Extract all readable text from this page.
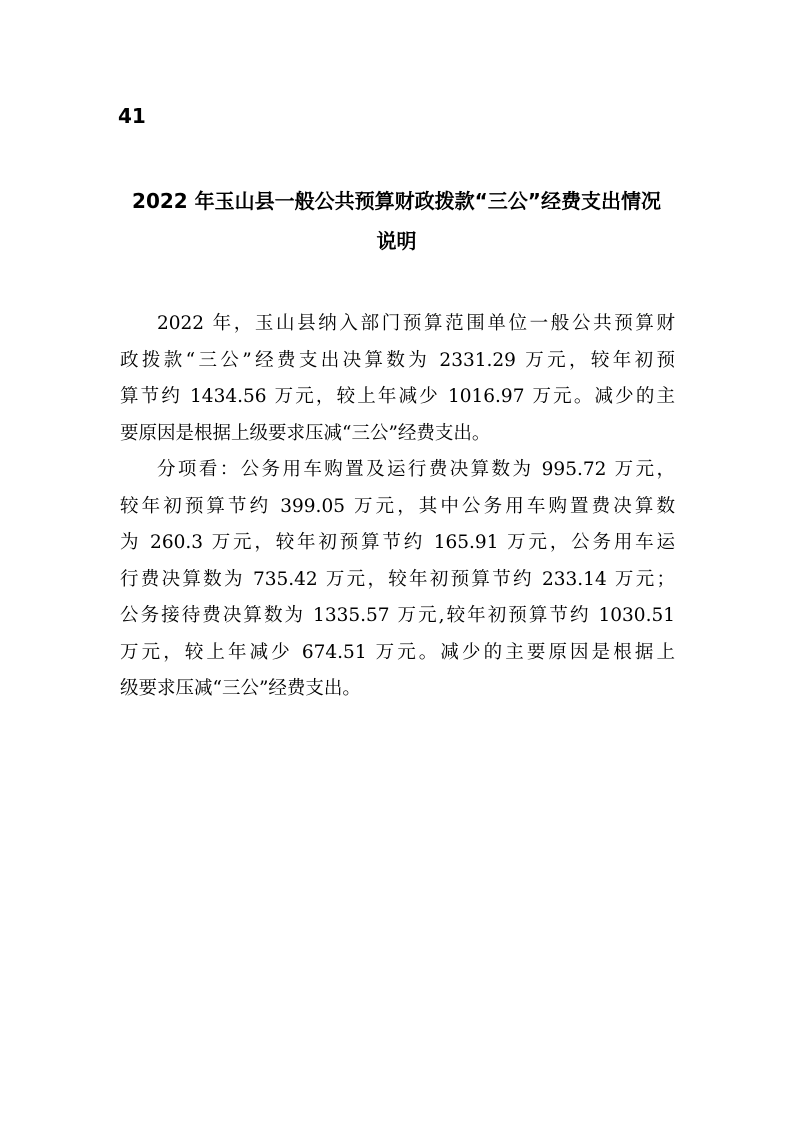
41
2022 年玉山县一般公共预算财政拨款“三公”经费支出情况
说明
2022 年，玉山县纳入部门预算范围单位一般公共预算财
政拨款“三公”经费支出决算数为 2331.29 万元，较年初预
算节约 1434.56 万元，较上年减少 1016.97 万元。减少的主
要原因是根据上级要求压减“三公”经费支出。
分项看：公务用车购置及运行费决算数为 995.72 万元，
较年初预算节约 399.05 万元，其中公务用车购置费决算数
为 260.3 万元，较年初预算节约 165.91 万元，公务用车运
行费决算数为 735.42 万元，较年初预算节约 233.14 万元；
公务接待费决算数为 1335.57 万元,较年初预算节约 1030.51
万元，较上年减少 674.51 万元。减少的主要原因是根据上
级要求压减“三公”经费支出。
